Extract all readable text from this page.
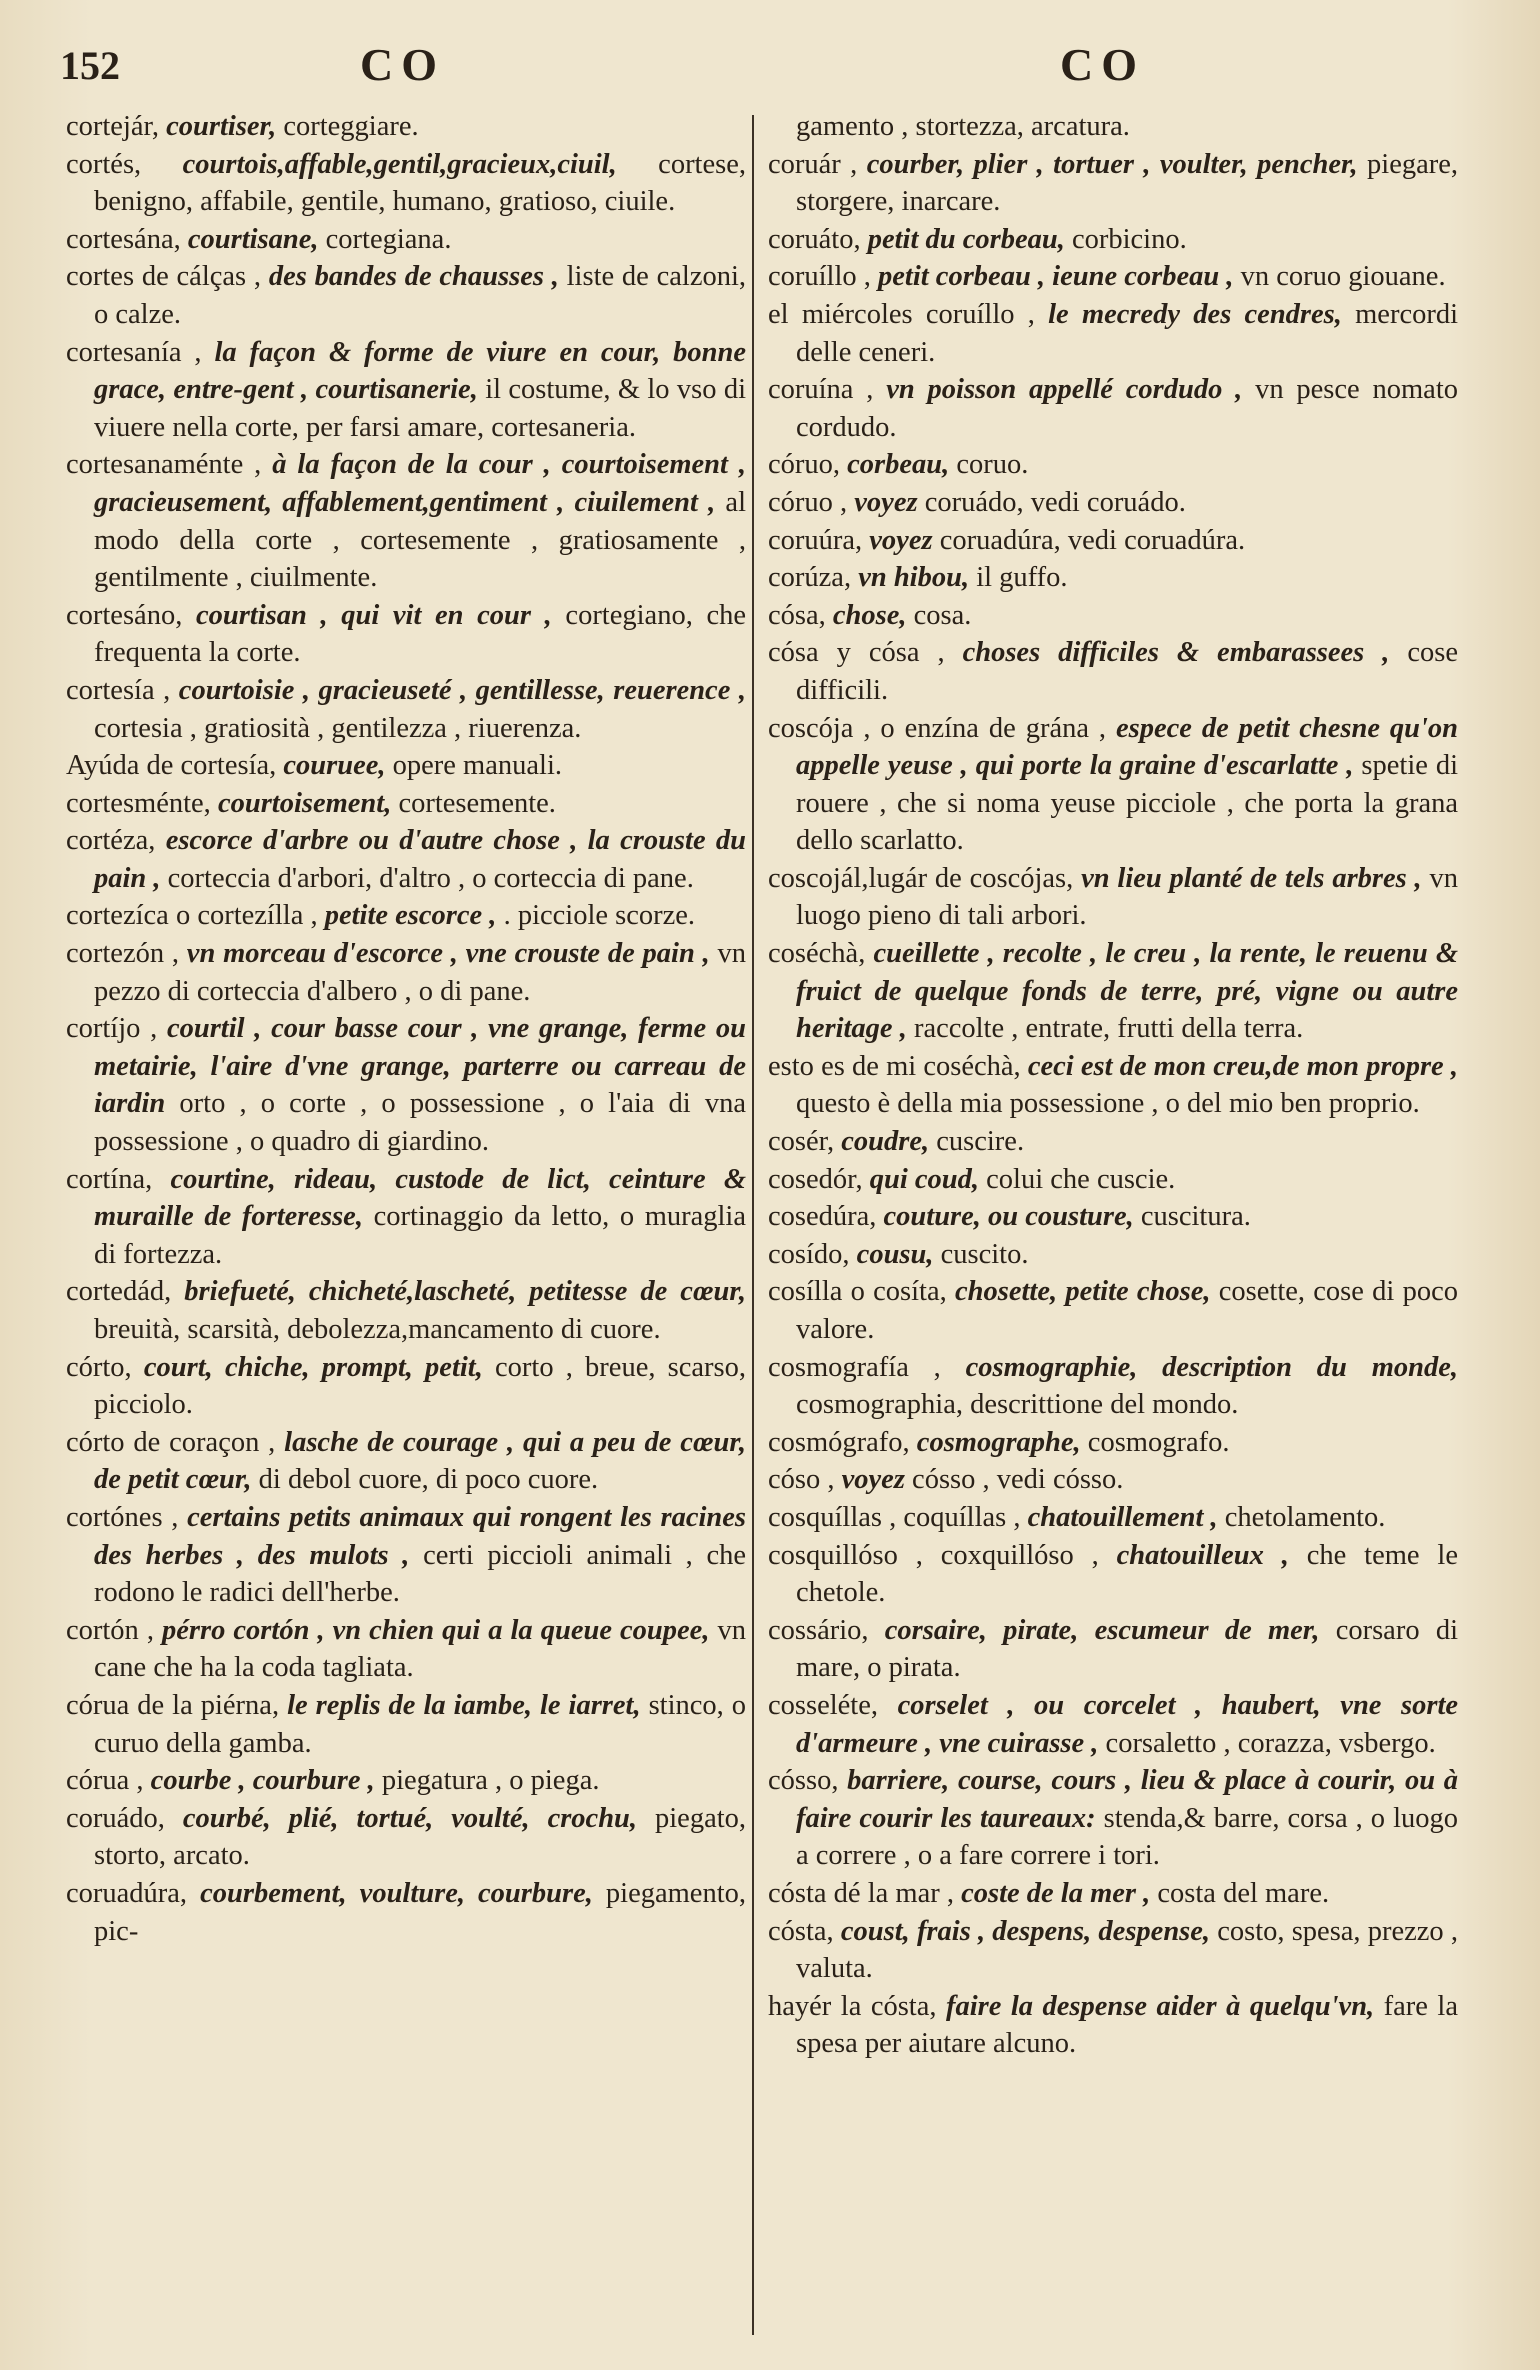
152	CO	CO

cortejár, courtiser, corteggiare.

cortés, courtois,affable,gentil,gracieux,ciuil, cortese, benigno, affabile, gentile, humano, gratioso, ciuile.

cortesána, courtisane, cortegiana.

cortes de cálças , des bandes de chausses , liste de calzoni, o calze.

cortesanía , la façon & forme de viure en cour, bonne grace, entre-gent , courtisanerie, il costume, & lo vso di viuere nella corte, per farsi amare, cortesaneria.

cortesanaménte , à la façon de la cour , courtoisement , gracieusement, affablement,gentiment , ciuilement , al modo della corte , cortesemente , gratiosamente , gentilmente , ciuilmente.

cortesáno, courtisan , qui vit en cour , cortegiano, che frequenta la corte.

cortesía , courtoisie , gracieuseté , gentillesse, reuerence , cortesia , gratiosità , gentilezza , riuerenza.

Ayúda de cortesía, couruee, opere manuali.

cortesménte, courtoisement, cortesemente.

cortéza, escorce d'arbre ou d'autre chose , la crouste du pain , corteccia d'arbori, d'altro , o corteccia di pane.

cortezíca o cortezílla , petite escorce , . picciole scorze.

cortezón , vn morceau d'escorce , vne crouste de pain , vn pezzo di corteccia d'albero , o di pane.

cortíjo , courtil , cour basse cour , vne grange, ferme ou metairie, l'aire d'vne grange, parterre ou carreau de iardin orto , o corte , o possessione , o l'aia di vna possessione , o quadro di giardino.

cortína, courtine, rideau, custode de lict, ceinture & muraille de forteresse, cortinaggio da letto, o muraglia di fortezza.

cortedád, briefueté, chicheté,lascheté, petitesse de cœur, breuità, scarsità, debolezza,mancamento di cuore.

córto, court, chiche, prompt, petit, corto , breue, scarso, picciolo.

córto de coraçon , lasche de courage , qui a peu de cœur, de petit cœur, di debol cuore, di poco cuore.

cortónes , certains petits animaux qui rongent les racines des herbes , des mulots , certi piccioli animali , che rodono le radici dell'herbe.

cortón , pérro cortón , vn chien qui a la queue coupee, vn cane che ha la coda tagliata.

córua de la piérna, le replis de la iambe, le iarret, stinco, o curuo della gamba.

córua , courbe , courbure , piegatura , o piega.

coruádo, courbé, plié, tortué, voulté, crochu, piegato, storto, arcato.

coruadúra, courbement, voulture, courbure, piegamento, pic-

gamento , stortezza, arcatura.

coruár , courber, plier , tortuer , voulter, pencher, piegare, storgere, inarcare.

coruáto, petit du corbeau, corbicino.

coruíllo , petit corbeau , ieune corbeau , vn coruo giouane.

el miércoles coruíllo , le mecredy des cendres, mercordi delle ceneri.

coruína , vn poisson appellé cordudo , vn pesce nomato cordudo.

córuo, corbeau, coruo.

córuo , voyez coruádo, vedi coruádo.

coruúra, voyez coruadúra, vedi coruadúra.

corúza, vn hibou, il guffo.

cósa, chose, cosa.

cósa y cósa , choses difficiles & embarassees , cose difficili.

coscója , o enzína de grána , espece de petit chesne qu'on appelle yeuse , qui porte la graine d'escarlatte , spetie di rouere , che si noma yeuse picciole , che porta la grana dello scarlatto.

coscojál,lugár de coscójas, vn lieu planté de tels arbres , vn luogo pieno di tali arbori.

coséchà, cueillette , recolte , le creu , la rente, le reuenu & fruict de quelque fonds de terre, pré, vigne ou autre heritage , raccolte , entrate, frutti della terra.

esto es de mi coséchà, ceci est de mon creu,de mon propre , questo è della mia possessione , o del mio ben proprio.

cosér, coudre, cuscire.

cosedór, qui coud, colui che cuscie.

cosedúra, couture, ou cousture, cuscitura.

cosído, cousu, cuscito.

cosílla o cosíta, chosette, petite chose, cosette, cose di poco valore.

cosmografía , cosmographie, description du monde, cosmographia, descrittione del mondo.

cosmógrafo, cosmographe, cosmografo.

cóso , voyez cósso , vedi cósso.

cosquíllas , coquíllas , chatouillement , chetolamento.

cosquillóso , coxquillóso , chatouilleux , che teme le chetole.

cossário, corsaire, pirate, escumeur de mer, corsaro di mare, o pirata.

cosseléte, corselet , ou corcelet , haubert, vne sorte d'armeure , vne cuirasse , corsaletto , corazza, vsbergo.

cósso, barriere, course, cours , lieu & place à courir, ou à faire courir les taureaux: stenda,& barre, corsa , o luogo a correre , o a fare correre i tori.

cósta dé la mar , coste de la mer , costa del mare.

cósta, coust, frais , despens, despense, costo, spesa, prezzo , valuta.

hayér la cósta, faire la despense aider à quelqu'vn, fare la spesa per aiutare alcuno.
